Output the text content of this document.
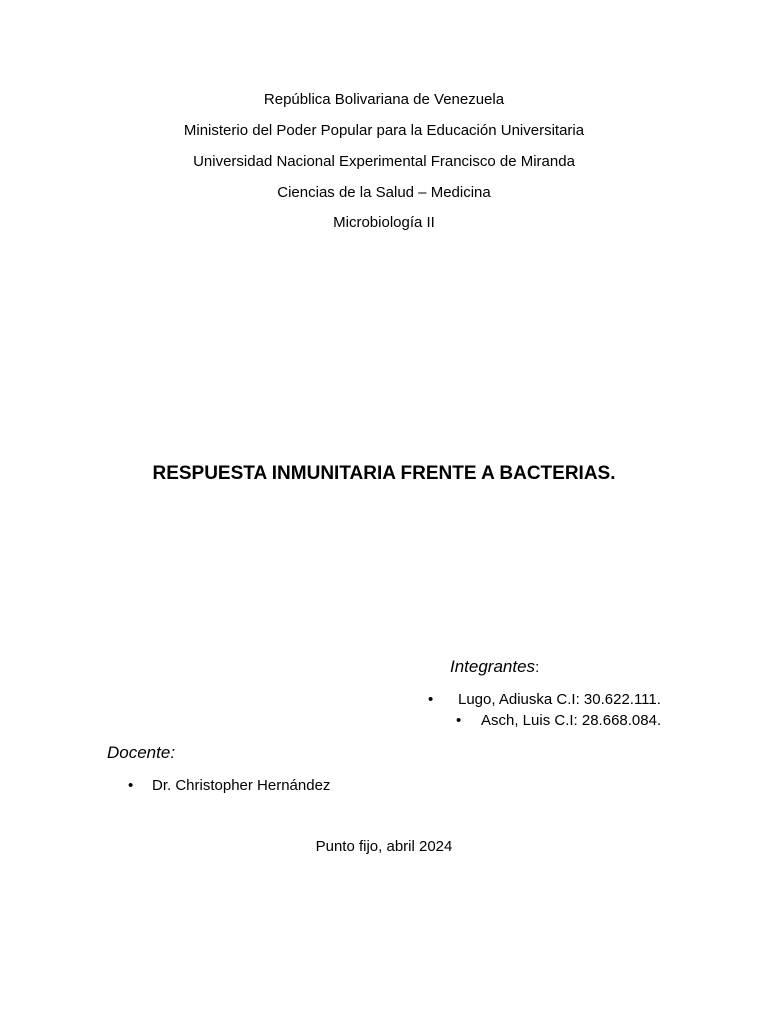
República Bolivariana de Venezuela
Ministerio del Poder Popular para la Educación Universitaria
Universidad Nacional Experimental Francisco de Miranda
Ciencias de la Salud – Medicina
Microbiología II
RESPUESTA INMUNITARIA FRENTE A BACTERIAS.
Integrantes:
• Lugo, Adiuska C.I: 30.622.111.
• Asch, Luis C.I: 28.668.084.
Docente:
• Dr. Christopher Hernández
Punto fijo, abril 2024
